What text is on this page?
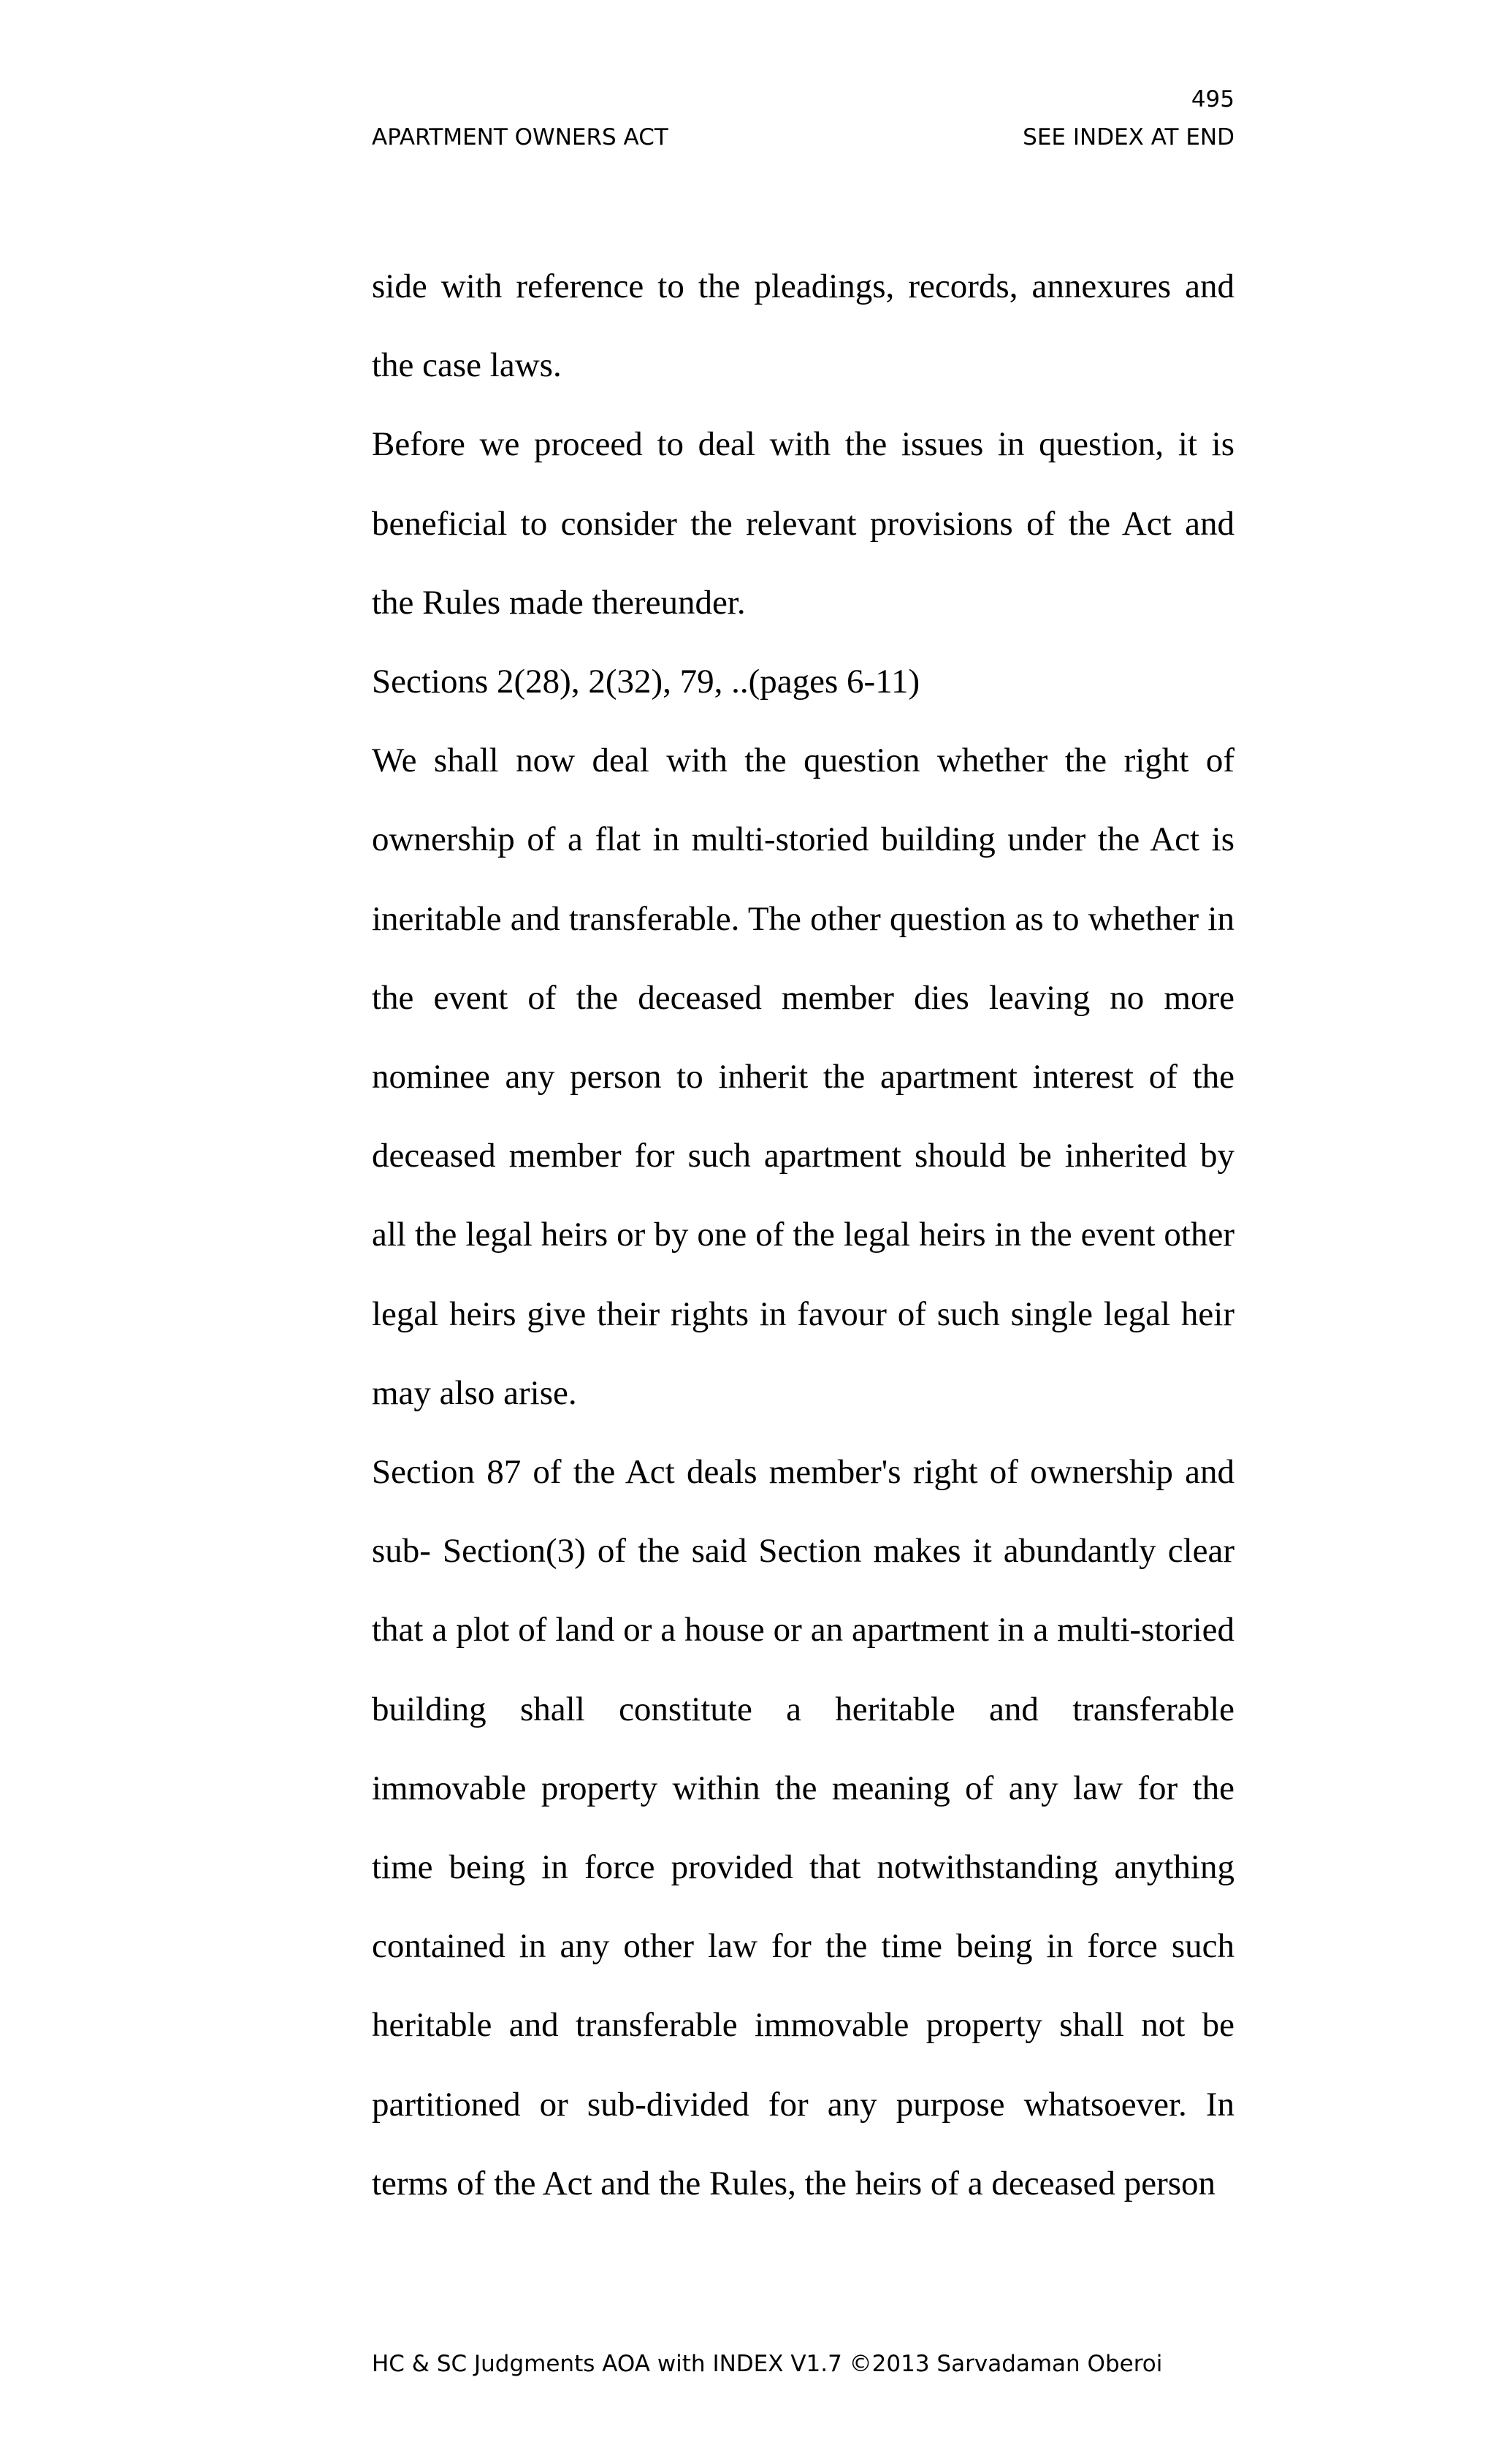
495
APARTMENT OWNERS ACT	SEE INDEX AT END

side with reference to the pleadings, records, annexures and the case laws.

Before we proceed to deal with the issues in question, it is beneficial to consider the relevant provisions of the Act and the Rules made thereunder.

Sections 2(28), 2(32), 79, ..(pages 6-11)

We shall now deal with the question whether the right of ownership of a flat in multi-storied building under the Act is ineritable and transferable. The other question as to whether in the event of the deceased member dies leaving no more nominee any person to inherit the apartment interest of the deceased member for such apartment should be inherited by all the legal heirs or by one of the legal heirs in the event other legal heirs give their rights in favour of such single legal heir may also arise.

Section 87 of the Act deals member's right of ownership and sub- Section(3) of the said Section makes it abundantly clear that a plot of land or a house or an apartment in a multi-storied building shall constitute a heritable and transferable immovable property within the meaning of any law for the time being in force provided that notwithstanding anything contained in any other law for the time being in force such heritable and transferable immovable property shall not be partitioned or sub-divided for any purpose whatsoever. In terms of the Act and the Rules, the heirs of a deceased person

HC & SC Judgments AOA with INDEX V1.7 ©2013 Sarvadaman Oberoi
